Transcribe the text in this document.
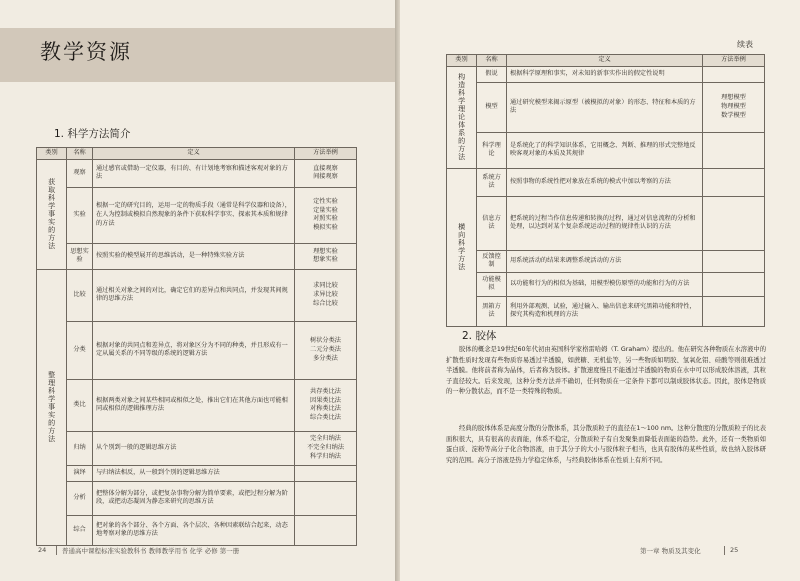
教学资源
1. 科学方法简介
类别	名称	定义	方法举例
获取科学事实的方法	观察	通过感官或借助一定仪器，有目的、有计划地考察和描述客观对象的方法	直接观察
间接观察

	实验	根据一定的研究目的，运用一定的物质手段（通常是科学仪器和设备），在人为控制或模拟自然现象的条件下获取科学事实、探索其本质和规律的方法	定性实验
定量实验
对照实验
模拟实验

	思想实验	按照实验的模型展开的思维活动，是一种特殊实验方法	理想实验
想象实验

整理科学事实的方法	比较	通过相关对象之间的对比，确定它们的差异点和共同点，并发现其间规律的思维方法	求同比较
求异比较
综合比较

	分类	根据对象的共同点和差异点，将对象区分为不同的种类，并且形成有一定从属关系的不同等级的系统的逻辑方法	树状分类法
二元分类法
多分类法

	类比	根据两类对象之间某些相同或相似之处，推出它们在其他方面也可能相同或相似的逻辑推理方法	共存类比法
因果类比法
对称类比法
综合类比法

	归纳	从个别到一般的逻辑思维方法	完全归纳法
不完全归纳法
科学归纳法

	演绎	与归纳法相反，从一般到个别的逻辑思维方法	
	分析	把整体分解为部分，或把复杂事物分解为简单要素，或把过程分解为阶段，或把动态凝固为静态来研究的思维方法	
	综合	把对象的各个部分、各个方面、各个层次、各种因素联结合起来，动态地考察对象的思维方法	
续表
类别	名称	定义	方法举例
构造科学理论体系的方法	假说	根据科学原理和事实，对未知的新事实作出的假定性说明	
	模型	通过研究模型来揭示原型（被模拟的对象）的形态、特征和本质的方法	理想模型
物理模型
数学模型

	科学理论	是系统化了的科学知识体系，它用概念、判断、推理的形式完整地反映客观对象的本质及其规律	
横向科学方法	系统方法	按照事物的系统性把对象放在系统的模式中加以考察的方法	
	信息方法	把系统的过程当作信息传递和转换的过程，通过对信息流程的分析和处理，以达到对某个复杂系统运动过程的规律性认识的方法	
	反馈控制	用系统活动的结果来调整系统活动的方法	
	功能模拟	以功能和行为的相似为基础，用模型模仿原型的功能和行为的方法	
	黑箱方法	利用外部观测、试验，通过输入、输出信息来研究黑箱功能和特性，探究其构造和机理的方法	
2. 胶体

胶体的概念是19世纪60年代初由英国科学家格雷哈姆（T. Graham）提出的。他在研究各种物质在水溶液中的扩散性质时发现有些物质容易透过半透膜，如蔗糖、无机盐等，另一些物质如明胶、氢氧化铝、硅酸等则很难透过半透膜。他将前者称为晶体，后者称为胶体。扩散速度慢且不能透过半透膜的物质在水中可以形成胶体溶液，其粒子直径较大。后来发现，这种分类方法并不确切，任何物质在一定条件下都可以制成胶体状态。因此，胶体是物质的一种分散状态，而不是一类特殊的物质。

经典的胶体体系是高度分散的分散体系，其分散质粒子的直径在1～100 nm。这种分散度的分散质粒子的比表面积很大，具有很高的表面能，体系不稳定，分散质粒子有自发聚集而降低表面能的趋势。此外，还有一类物质如蛋白质、淀粉等高分子化合物溶液，由于其分子的大小与胶体粒子相当，也具有胶体的某些性质，故也纳入胶体研究的范围。高分子溶液是热力学稳定体系，与经典胶体体系在性质上有所不同。

24 普通高中课程标准实验教科书 教师教学用书 化学 必修 第一册	第一章 物质及其变化	25
